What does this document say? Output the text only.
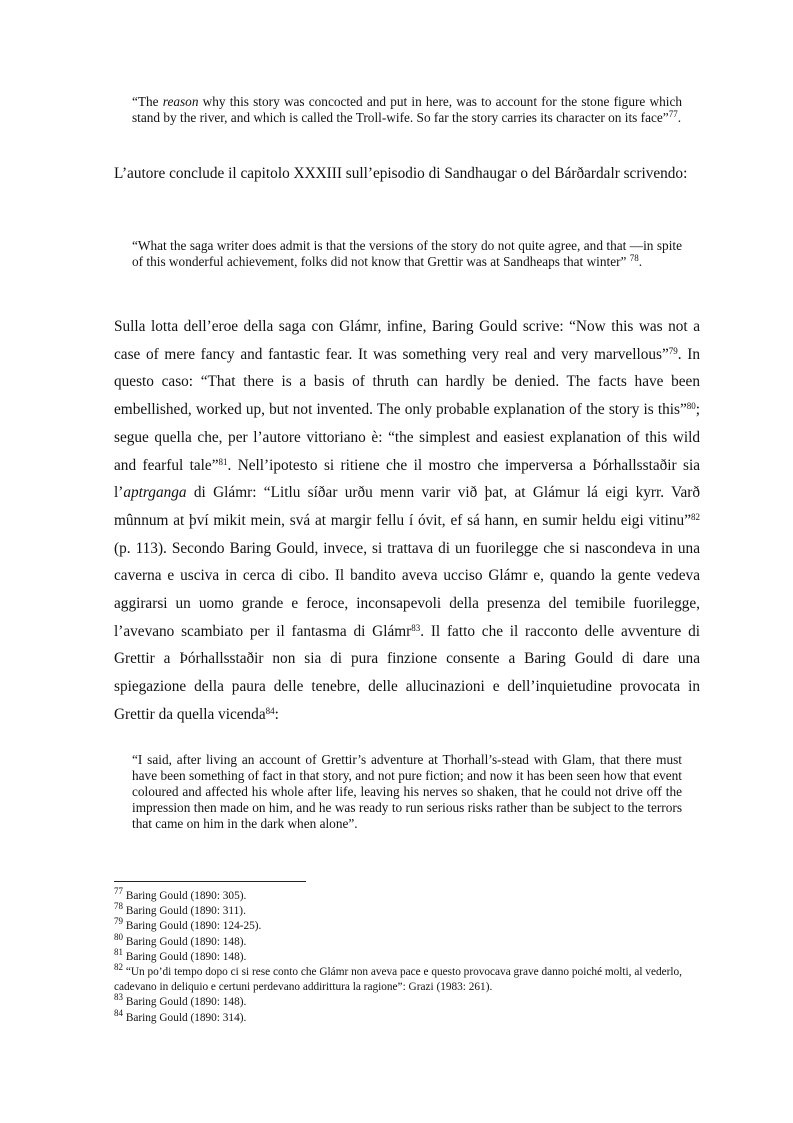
“The reason why this story was concocted and put in here, was to account for the stone figure which stand by the river, and which is called the Troll-wife. So far the story carries its character on its face”$^{77}$.
L’autore conclude il capitolo XXXIII sull’episodio di Sandhaugar o del Bárðardalr scrivendo:
“What the saga writer does admit is that the versions of the story do not quite agree, and that —in spite of this wonderful achievement, folks did not know that Grettir was at Sandheaps that winter” $^{78}$.
Sulla lotta dell’eroe della saga con Glámr, infine, Baring Gould scrive: “Now this was not a case of mere fancy and fantastic fear. It was something very real and very marvellous”$^{79}$. In questo caso: “That there is a basis of thruth can hardly be denied. The facts have been embellished, worked up, but not invented. The only probable explanation of the story is this”$^{80}$; segue quella che, per l’autore vittoriano è: “the simplest and easiest explanation of this wild and fearful tale”$^{81}$. Nell’ipotesto si ritiene che il mostro che imperversa a Þórhallsstaðir sia l’aptrganga di Glámr: “Litlu síðar urðu menn varir við þat, at Glámur lá eigi kyrr. Varð mûnnum at því mikit mein, svá at margir fellu í óvit, ef sá hann, en sumir heldu eigi vitinu”$^{82}$ (p. 113). Secondo Baring Gould, invece, si trattava di un fuorilegge che si nascondeva in una caverna e usciva in cerca di cibo. Il bandito aveva ucciso Glámr e, quando la gente vedeva aggirarsi un uomo grande e feroce, inconsapevoli della presenza del temibile fuorilegge, l’avevano scambiato per il fantasma di Glámr$^{83}$. Il fatto che il racconto delle avventure di Grettir a Þórhallsstaðir non sia di pura finzione consente a Baring Gould di dare una spiegazione della paura delle tenebre, delle allucinazioni e dell’inquietudine provocata in Grettir da quella vicenda$^{84}$:
“I said, after living an account of Grettir’s adventure at Thorhall’s-stead with Glam, that there must have been something of fact in that story, and not pure fiction; and now it has been seen how that event coloured and affected his whole after life, leaving his nerves so shaken, that he could not drive off the impression then made on him, and he was ready to run serious risks rather than be subject to the terrors that came on him in the dark when alone”.
$^{77}$ Baring Gould (1890: 305).
$^{78}$ Baring Gould (1890: 311).
$^{79}$ Baring Gould (1890: 124-25).
$^{80}$ Baring Gould (1890: 148).
$^{81}$ Baring Gould (1890: 148).
$^{82}$ “Un po’di tempo dopo ci si rese conto che Glámr non aveva pace e questo provocava grave danno poiché molti, al vederlo, cadevano in deliquio e certuni perdevano addirittura la ragione”: Grazi (1983: 261).
$^{83}$ Baring Gould (1890: 148).
$^{84}$ Baring Gould (1890: 314).
